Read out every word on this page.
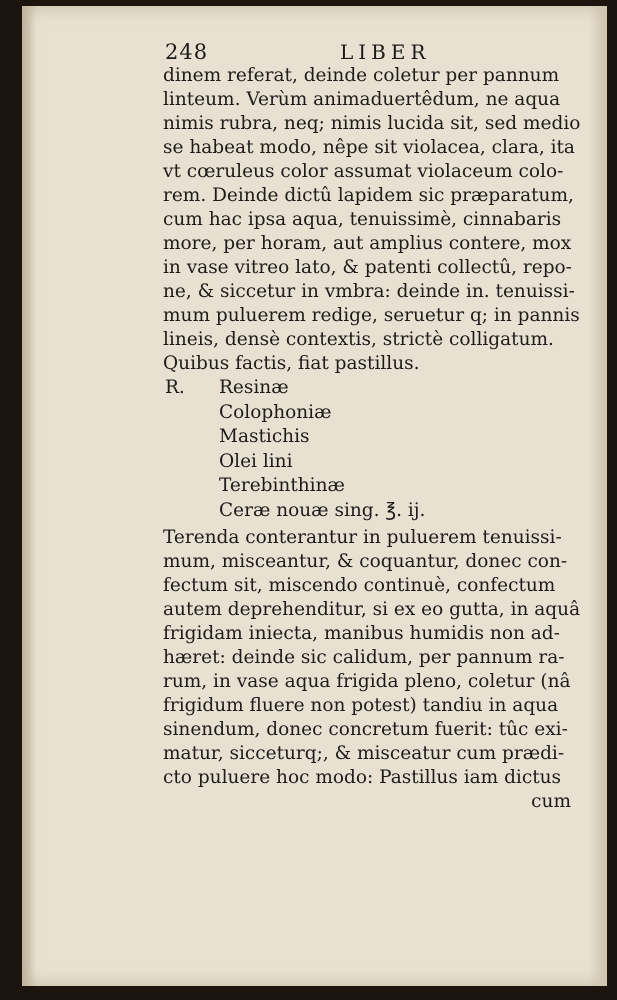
248	LIBER
dinem referat, deinde coletur per pannum
linteum. Verùm animaduertêdum, ne aqua
nimis rubra, neq; nimis lucida sit, sed medio
se habeat modo, nêpe sit violacea, clara, ita
vt cœruleus color assumat violaceum colo-
rem. Deinde dictû lapidem sic præparatum,
cum hac ipsa aqua, tenuissimè, cinnabaris
more, per horam, aut amplius contere, mox
in vase vitreo lato, & patenti collectû, repo-
ne, & siccetur in vmbra: deinde in. tenuissi-
mum puluerem redige, seruetur q; in pannis
lineis, densè contextis, strictè colligatum.
Quibus factis, fiat pastillus.
R. Resinæ
Colophoniæ
Mastichis
Olei lini
Terebinthinæ
Ceræ nouæ sing. ℥. ij.
Terenda conterantur in puluerem tenuissi-
mum, misceantur, & coquantur, donec con-
fectum sit, miscendo continuè, confectum
autem deprehenditur, si ex eo gutta, in aquâ
frigidam iniecta, manibus humidis non ad-
hæret: deinde sic calidum, per pannum ra-
rum, in vase aqua frigida pleno, coletur (nâ
frigidum fluere non potest) tandiu in aqua
sinendum, donec concretum fuerit: tûc exi-
matur, sicceturq;, & misceatur cum prædi-
cto puluere hoc modo: Pastillus iam dictus
cum
